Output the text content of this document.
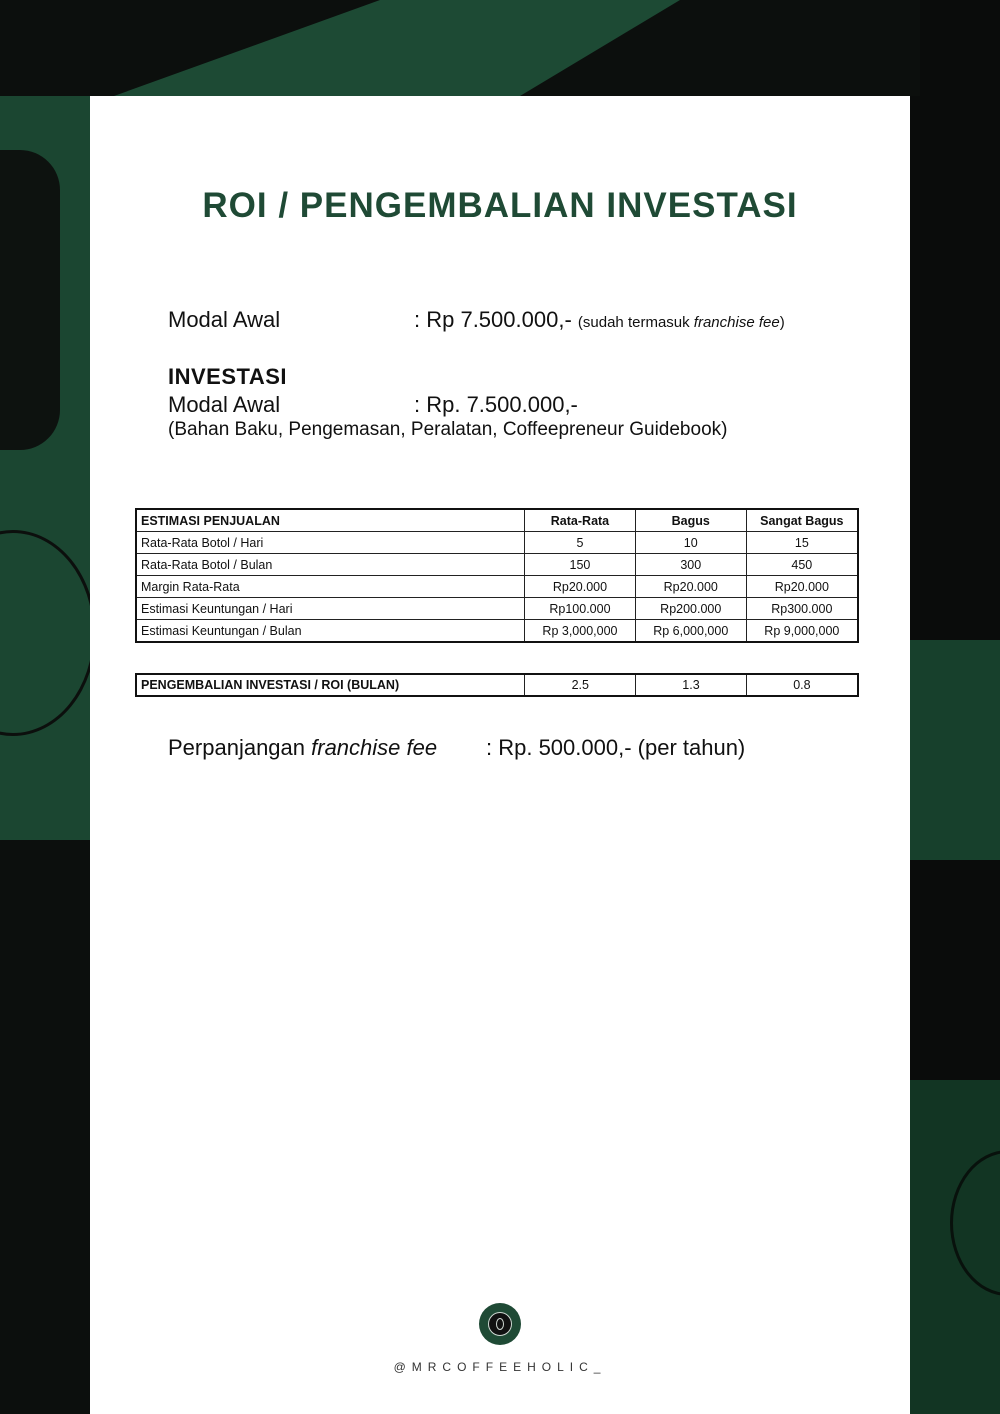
ROI / PENGEMBALIAN INVESTASI
Modal Awal	: Rp 7.500.000,- (sudah termasuk franchise fee)
INVESTASI
Modal Awal	: Rp. 7.500.000,-
(Bahan Baku, Pengemasan, Peralatan, Coffeepreneur Guidebook)
ESTIMASI PENJUALAN	Rata-Rata	Bagus	Sangat Bagus
Rata-Rata Botol / Hari	5	10	15
Rata-Rata Botol / Bulan	150	300	450
Margin Rata-Rata	Rp20.000	Rp20.000	Rp20.000
Estimasi Keuntungan / Hari	Rp100.000	Rp200.000	Rp300.000
Estimasi Keuntungan / Bulan	Rp 3,000,000	Rp 6,000,000	Rp 9,000,000
PENGEMBALIAN INVESTASI / ROI (BULAN)	2.5	1.3	0.8
Perpanjangan franchise fee : Rp. 500.000,- (per tahun)
@MRCOFFEEHOLIC_
